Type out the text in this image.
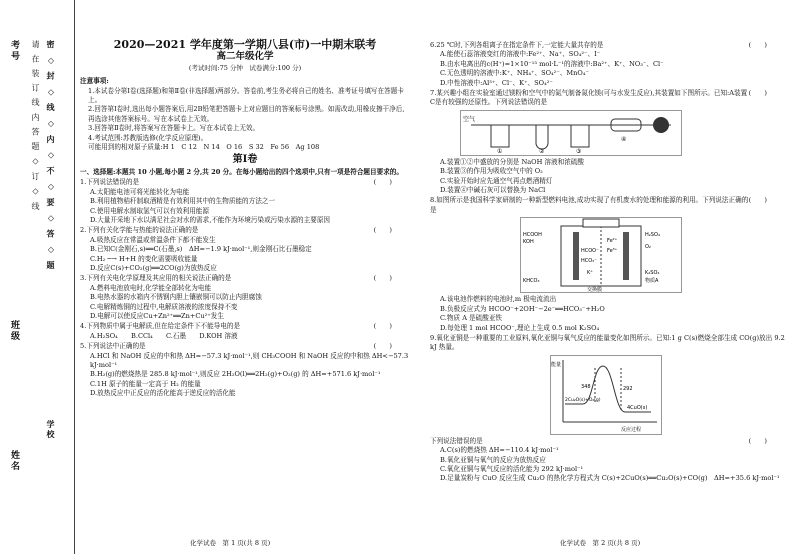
考号
班级
姓名
请 在 装 订 线 内 答 题 ◇ 订 ◇ 线 密 ◇ 封 ◇ 线 ◇ 内 ◇ 不 ◇ 要 ◇ 答 ◇ 题
学校
2020—2021 学年度第一学期八县(市)一中期末联考
高二年级化学
(考试时间:75 分钟　试卷满分:100 分)
注意事项:
1.本试卷分第Ⅰ卷(选择题)和第Ⅱ卷(非选择题)两部分。答卷前,考生务必将自己的姓名、准考证号填写在答题卡上。
2.回答第Ⅰ卷时,选出每小题答案后,用2B铅笔把答题卡上对应题目的答案标号涂黑。如需改动,用橡皮擦干净后,再选涂其他答案标号。写在本试卷上无效。
3.回答第Ⅱ卷时,将答案写在答题卡上。写在本试卷上无效。
4.考试范围:苏教版选修(化学反应原理)。
可能用到的相对原子质量:H 1　C 12　N 14　O 16　S 32　Fe 56　Ag 108
第Ⅰ卷
一、选择题:本题共 10 小题,每小题 2 分,共 20 分。在每小题给出的四个选项中,只有一项是符合题目要求的。
(　　)
1.下列说法错误的是
A.太阳能电池可将光能转化为电能
B.利用植物秸秆制取酒精是有效利用其中的生物质能的方法之一
C.使用电解水制取氢气可以有效利用能源
D.大量开采地下水以满足社会对水的需求,不能作为环境污染或污染水源的主要原因
(　　)
2.下列有关化学能与热能的说法正确的是
A.吸热反应在常温或常温条件下都不能发生
B.已知C(金刚石,s)══C(石墨,s)　ΔH=−1.9 kJ·mol⁻¹,则金刚石比石墨稳定
C.H₂ ─→ H+H 的变化需要吸收能量
D.反应C(s)+CO₂(g)══2CO(g)为放热反应
(　　)
3.下列有关电化学原理及其应用的相关说法正确的是
A.燃料电池放电时,化学能全部转化为电能
B.电热水器的水箱内不锈钢内胆上镶嵌铜可以防止内胆腐蚀
C.电解精炼铜的过程中,电解质溶液的浓度保持不变
D.电解可以使反应Cu+Zn²⁺══Zn+Cu²⁺发生
(　　)
4.下列物质中属于电解质,但在给定条件下不能导电的是
A.H₂SO₄　　B.CCl₄　　C.石墨　　D.KOH 溶液
(　　)
5.下列说法中正确的是
A.HCl 和 NaOH 反应的中和热 ΔH=−57.3 kJ·mol⁻¹,则 CH₃COOH 和 NaOH 反应的中和热 ΔH<−57.3 kJ·mol⁻¹
B.H₂(g)的燃烧热是 285.8 kJ·mol⁻¹,则反应 2H₂O(l)══2H₂(g)+O₂(g) 的 ΔH=+571.6 kJ·mol⁻¹
C.1H 原子的能量一定高于 H₂ 的能量
D.放热反应中正反应的活化能高于逆反应的活化能
(　　)
6.25 ℃时,下列各组离子在指定条件下,一定能大量共存的是
A.能使石蕊溶液变红的溶液中:Fe²⁺、Na⁺、SO₄²⁻、I⁻
B.由水电离出的c(H⁺)=1×10⁻¹³ mol·L⁻¹的溶液中:Ba²⁺、K⁺、NO₃⁻、Cl⁻
C.无色透明的溶液中:K⁺、NH₄⁺、SO₄²⁻、MnO₄⁻
D.中性溶液中:Al³⁺、Cl⁻、K⁺、SO₄²⁻
(　　)
7.某兴趣小组在实验室通过镁粉和空气中的氮气制备氮化镁(可与水发生反应),其装置如下图所示。已知:A装置C是有较强的还原性。下列说法错误的是
空气
①	②	③
④
A.装置①②中盛放的分别是 NaOH 溶液和浓硫酸
B.装置③的作用为吸收空气中的 O₂
C.实验开始时应先通空气再点燃酒精灯
D.装置④中碱石灰可以替换为 NaCl
(　　)
8.如图所示是我国科学家研制的一种新型燃料电池,成功实现了有机废水的处理和能源的利用。下列说法正确的是
HCOOH
KOH
HCOO⁻
HCO₃⁻
KHCO₃
K⁺
Fe²⁺
Fe³⁺
O₂
H₂SO₄
物质A
交换膜
K₂SO₄
A.该电池作燃料的电池时,m 极电流流出
B.负极反应式为 HCOO⁻+2OH⁻−2e⁻══HCO₃⁻+H₂O
C.物质 A 是硫酸亚铁
D.每处理 1 mol HCOO⁻,理论上生成 0.5 mol K₂SO₄
9.氧化亚铜是一种重要的工业原料,氧化亚铜与氧气反应的能量变化如图所示。已知:1 g C(s)燃烧全部生成 CO(g)放出 9.2 kJ 热量。
能量
2Cu₂O(s)+O₂(g)
4CuO(s)
348	292
反应过程
(　　)
下列说法错误的是
A.C(s)的燃烧热 ΔH=−110.4 kJ·mol⁻¹
B.氧化亚铜与氧气的反应为放热反应
C.氧化亚铜与氧气反应的活化能为 292 kJ·mol⁻¹
D.足量炭粉与 CuO 反应生成 Cu₂O 的热化学方程式为 C(s)+2CuO(s)══Cu₂O(s)+CO(g)　ΔH=+35.6 kJ·mol⁻¹
化学试卷　第 1 页(共 8 页)	化学试卷　第 2 页(共 8 页)
